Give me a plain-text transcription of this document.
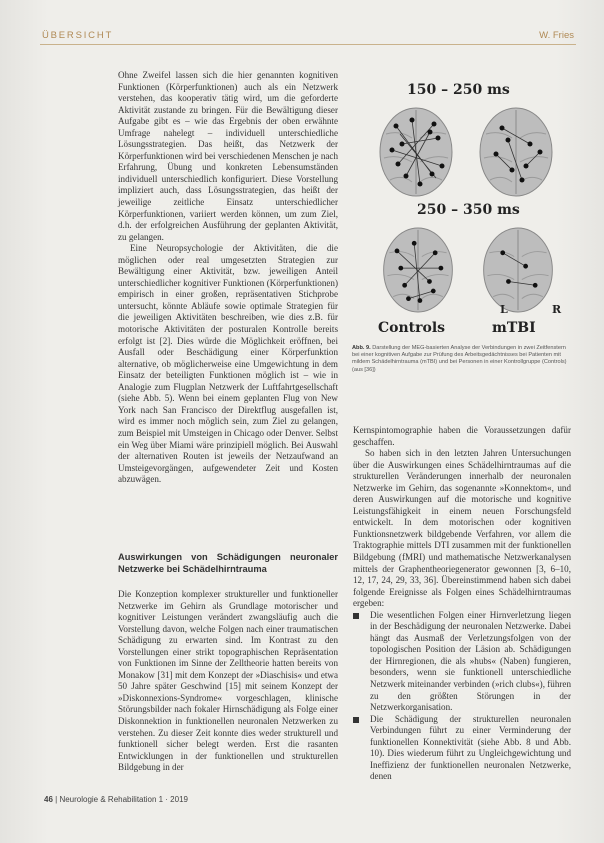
ÜBERSICHT	W. Fries

Ohne Zweifel lassen sich die hier genannten kognitiven Funktionen (Körperfunktionen) auch als ein Netzwerk verstehen, das kooperativ tätig wird, um die geforderte Aktivität zustande zu bringen. Für die Bewältigung dieser Aufgabe gibt es – wie das Ergebnis der oben erwähnte Umfrage nahelegt – individuell unterschiedliche Lösungsstrategien. Das heißt, das Netzwerk der Körperfunktionen wird bei verschiedenen Menschen je nach Erfahrung, Übung und konkreten Lebensumständen individuell unterschiedlich konfiguriert. Diese Vorstellung impliziert auch, dass Lösungsstrategien, das heißt der jeweilige zeitliche Einsatz unterschiedlicher Körperfunktionen, variiert werden können, um zum Ziel, d.h. der erfolgreichen Ausführung der geplanten Aktivität, zu gelangen.

Eine Neuropsychologie der Aktivitäten, die die möglichen oder real umgesetzten Strategien zur Bewältigung einer Aktivität, bzw. jeweiligen Anteil unterschiedlicher kognitiver Funktionen (Körperfunktionen) empirisch in einer großen, repräsentativen Stichprobe untersucht, könnte Abläufe sowie optimale Strategien für die jeweiligen Aktivitäten beschreiben, wie dies z.B. für motorische Aktivitäten der posturalen Kontrolle bereits erfolgt ist [2]. Dies würde die Möglichkeit eröffnen, bei Ausfall oder Beschädigung einer Körperfunktion alternative, ob möglicherweise eine Umgewichtung in dem Einsatz der beteiligten Funktionen möglich ist – wie in Analogie zum Flugplan Netzwerk der Luftfahrtgesellschaft (siehe Abb. 5). Wenn bei einem geplanten Flug von New York nach San Francisco der Direktflug ausgefallen ist, wird es immer noch möglich sein, zum Ziel zu gelangen, zum Beispiel mit Umsteigen in Chicago oder Denver. Selbst ein Weg über Miami wäre prinzipiell möglich. Bei Auswahl der alternativen Routen ist jeweils der Netzaufwand an Umsteigevorgängen, aufgewendeter Zeit und Kosten abzuwägen.

Auswirkungen von Schädigungen neuronaler Netzwerke bei Schädelhirntrauma

Die Konzeption komplexer struktureller und funktioneller Netzwerke im Gehirn als Grundlage motorischer und kognitiver Leistungen verändert zwangsläufig auch die Vorstellung davon, welche Folgen nach einer traumatischen Schädigung zu erwarten sind. Im Kontrast zu den Vorstellungen einer strikt topographischen Repräsentation von Funktionen im Sinne der Zelltheorie hatten bereits von Monakow [31] mit dem Konzept der »Diaschisis« und etwa 50 Jahre später Geschwind [15] mit seinem Konzept der »Diskonnexions-Syndrome« vorgeschlagen, klinische Störungsbilder nach fokaler Hirnschädigung als Folge einer Diskonnektion in funktionellen neuronalen Netzwerken zu verstehen. Zu dieser Zeit konnte dies weder strukturell und funktionell sicher belegt werden. Erst die rasanten Entwicklungen in der funktionellen und strukturellen Bildgebung in der

150 – 250 ms
250 – 350 ms
L	R
Controls	mTBI
Abb. 9. Darstellung der MEG-basierten Analyse der Verbindungen in zwei Zeitfenstern bei einer kognitiven Aufgabe zur Prüfung des Arbeitsgedächtnisses bei Patienten mit mildem Schädelhirntrauma (mTBI) und bei Personen in einer Kontrollgruppe (Controls) (aus [36])

Kernspintomographie haben die Voraussetzungen dafür geschaffen.

So haben sich in den letzten Jahren Untersuchungen über die Auswirkungen eines Schädelhirntraumas auf die strukturellen Veränderungen innerhalb der neuronalen Netzwerke im Gehirn, das sogenannte »Konnektom«, und deren Auswirkungen auf die motorische und kognitive Leistungsfähigkeit in einem neuen Forschungsfeld entwickelt. In dem motorischen oder kognitiven Funktionsnetzwerk bildgebende Verfahren, vor allem die Traktographie mittels DTI zusammen mit der funktionellen Bildgebung (fMRI) und mathematische Netzwerkanalysen mittels der Graphentheoriegenerator gewonnen [3, 6–10, 12, 17, 24, 29, 33, 36]. Übereinstimmend haben sich dabei folgende Ereignisse als Folgen eines Schädelhirntraumas ergeben:

Die wesentlichen Folgen einer Hirnverletzung liegen in der Beschädigung der neuronalen Netzwerke. Dabei hängt das Ausmaß der Verletzungsfolgen von der topologischen Position der Läsion ab. Schädigungen der Hirnregionen, die als »hubs« (Naben) fungieren, besonders, wenn sie funktionell unterschiedliche Netzwerk miteinander verbinden (»rich clubs«), führen zu den größten Störungen in der Netzwerkorganisation.
Die Schädigung der strukturellen neuronalen Verbindungen führt zu einer Verminderung der funktionellen Konnektivität (siehe Abb. 8 und Abb. 10). Dies wiederum führt zu Ungleichgewichtung und Ineffizienz der funktionellen neuronalen Netzwerke, denen
46 | Neurologie & Rehabilitation 1 · 2019
